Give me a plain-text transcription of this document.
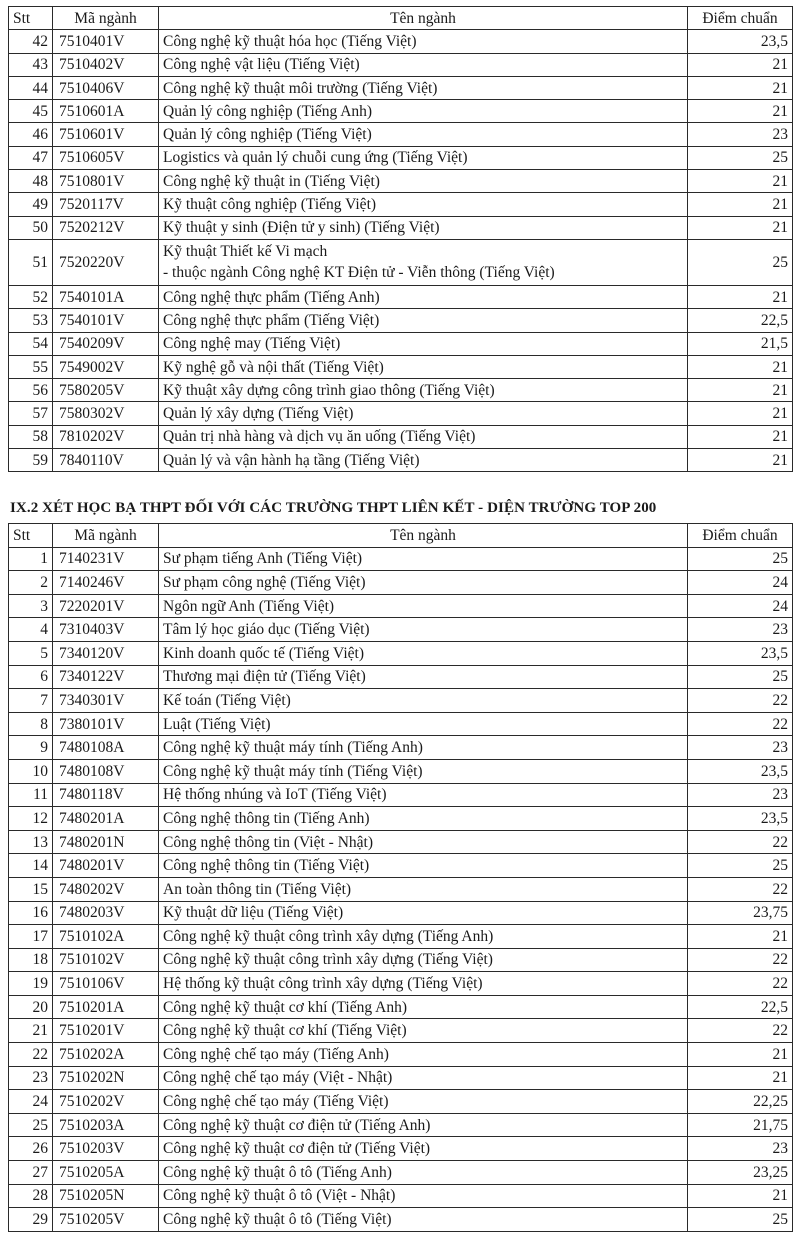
Stt	Mã ngành	Tên ngành	Điểm chuẩn
42	7510401V	Công nghệ kỹ thuật hóa học (Tiếng Việt)	23,5
43	7510402V	Công nghệ vật liệu (Tiếng Việt)	21
44	7510406V	Công nghệ kỹ thuật môi trường (Tiếng Việt)	21
45	7510601A	Quản lý công nghiệp (Tiếng Anh)	21
46	7510601V	Quản lý công nghiệp (Tiếng Việt)	23
47	7510605V	Logistics và quản lý chuỗi cung ứng (Tiếng Việt)	25
48	7510801V	Công nghệ kỹ thuật in (Tiếng Việt)	21
49	7520117V	Kỹ thuật công nghiệp (Tiếng Việt)	21
50	7520212V	Kỹ thuật y sinh (Điện tử y sinh) (Tiếng Việt)	21
51	7520220V	Kỹ thuật Thiết kế Vi mạch
- thuộc ngành Công nghệ KT Điện tử - Viễn thông (Tiếng Việt)	25
52	7540101A	Công nghệ thực phẩm (Tiếng Anh)	21
53	7540101V	Công nghệ thực phẩm (Tiếng Việt)	22,5
54	7540209V	Công nghệ may (Tiếng Việt)	21,5
55	7549002V	Kỹ nghệ gỗ và nội thất (Tiếng Việt)	21
56	7580205V	Kỹ thuật xây dựng công trình giao thông (Tiếng Việt)	21
57	7580302V	Quản lý xây dựng (Tiếng Việt)	21
58	7810202V	Quản trị nhà hàng và dịch vụ ăn uống (Tiếng Việt)	21
59	7840110V	Quản lý và vận hành hạ tầng (Tiếng Việt)	21
IX.2 XÉT HỌC BẠ THPT ĐỐI VỚI CÁC TRƯỜNG THPT LIÊN KẾT - DIỆN TRƯỜNG TOP 200
Stt	Mã ngành	Tên ngành	Điểm chuẩn
1	7140231V	Sư phạm tiếng Anh (Tiếng Việt)	25
2	7140246V	Sư phạm công nghệ (Tiếng Việt)	24
3	7220201V	Ngôn ngữ Anh (Tiếng Việt)	24
4	7310403V	Tâm lý học giáo dục (Tiếng Việt)	23
5	7340120V	Kinh doanh quốc tế (Tiếng Việt)	23,5
6	7340122V	Thương mại điện tử (Tiếng Việt)	25
7	7340301V	Kế toán (Tiếng Việt)	22
8	7380101V	Luật (Tiếng Việt)	22
9	7480108A	Công nghệ kỹ thuật máy tính (Tiếng Anh)	23
10	7480108V	Công nghệ kỹ thuật máy tính (Tiếng Việt)	23,5
11	7480118V	Hệ thống nhúng và IoT (Tiếng Việt)	23
12	7480201A	Công nghệ thông tin (Tiếng Anh)	23,5
13	7480201N	Công nghệ thông tin (Việt - Nhật)	22
14	7480201V	Công nghệ thông tin (Tiếng Việt)	25
15	7480202V	An toàn thông tin (Tiếng Việt)	22
16	7480203V	Kỹ thuật dữ liệu (Tiếng Việt)	23,75
17	7510102A	Công nghệ kỹ thuật công trình xây dựng (Tiếng Anh)	21
18	7510102V	Công nghệ kỹ thuật công trình xây dựng (Tiếng Việt)	22
19	7510106V	Hệ thống kỹ thuật công trình xây dựng (Tiếng Việt)	22
20	7510201A	Công nghệ kỹ thuật cơ khí (Tiếng Anh)	22,5
21	7510201V	Công nghệ kỹ thuật cơ khí (Tiếng Việt)	22
22	7510202A	Công nghệ chế tạo máy (Tiếng Anh)	21
23	7510202N	Công nghệ chế tạo máy (Việt - Nhật)	21
24	7510202V	Công nghệ chế tạo máy (Tiếng Việt)	22,25
25	7510203A	Công nghệ kỹ thuật cơ điện tử (Tiếng Anh)	21,75
26	7510203V	Công nghệ kỹ thuật cơ điện tử (Tiếng Việt)	23
27	7510205A	Công nghệ kỹ thuật ô tô (Tiếng Anh)	23,25
28	7510205N	Công nghệ kỹ thuật ô tô (Việt - Nhật)	21
29	7510205V	Công nghệ kỹ thuật ô tô (Tiếng Việt)	25
